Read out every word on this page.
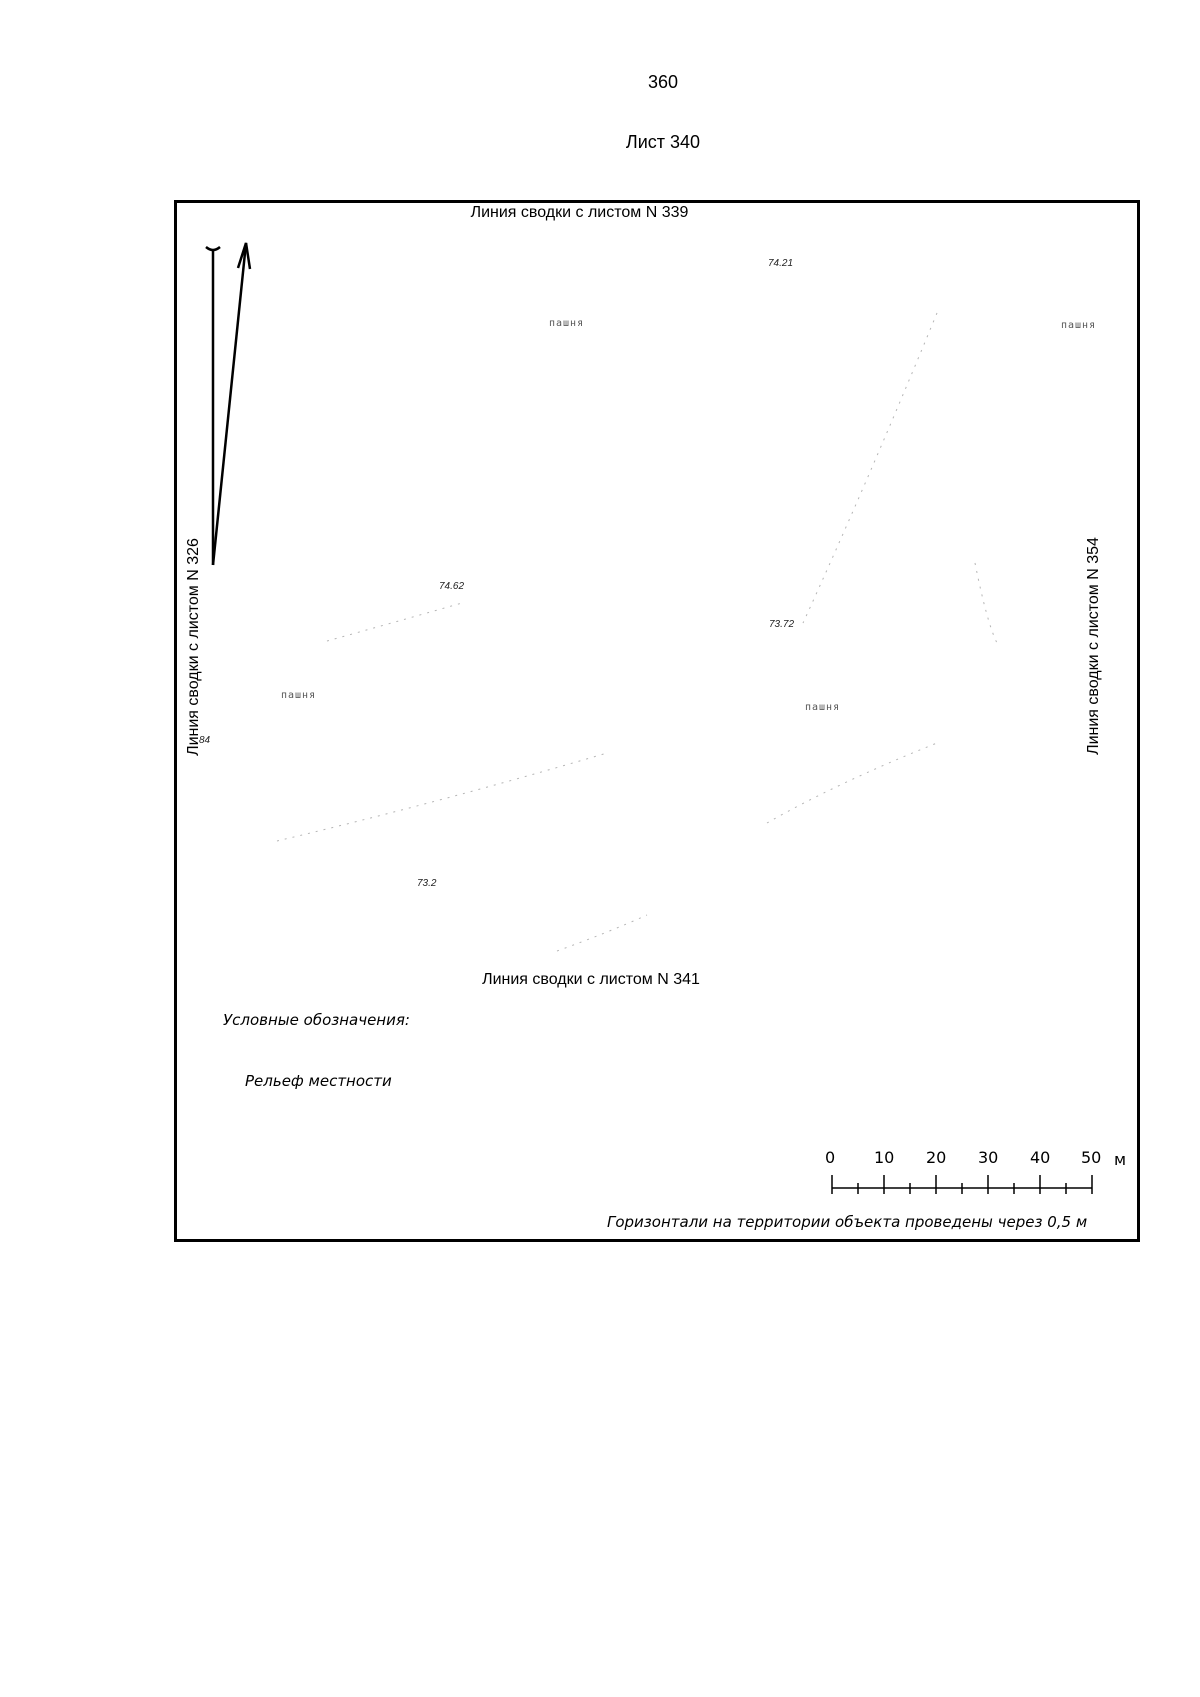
360
Лист 340
Линия сводки с листом N 339
Линия сводки с листом N 341
Линия сводки с листом N 326	Линия сводки с листом N 354
пашня	пашня
пашня
пашня
74.21
74.62
73.72
73.2
84
Условные обозначения:
Рельеф местности
0 10 20 30 40 50 м
Горизонтали на территории объекта проведены через 0,5 м
